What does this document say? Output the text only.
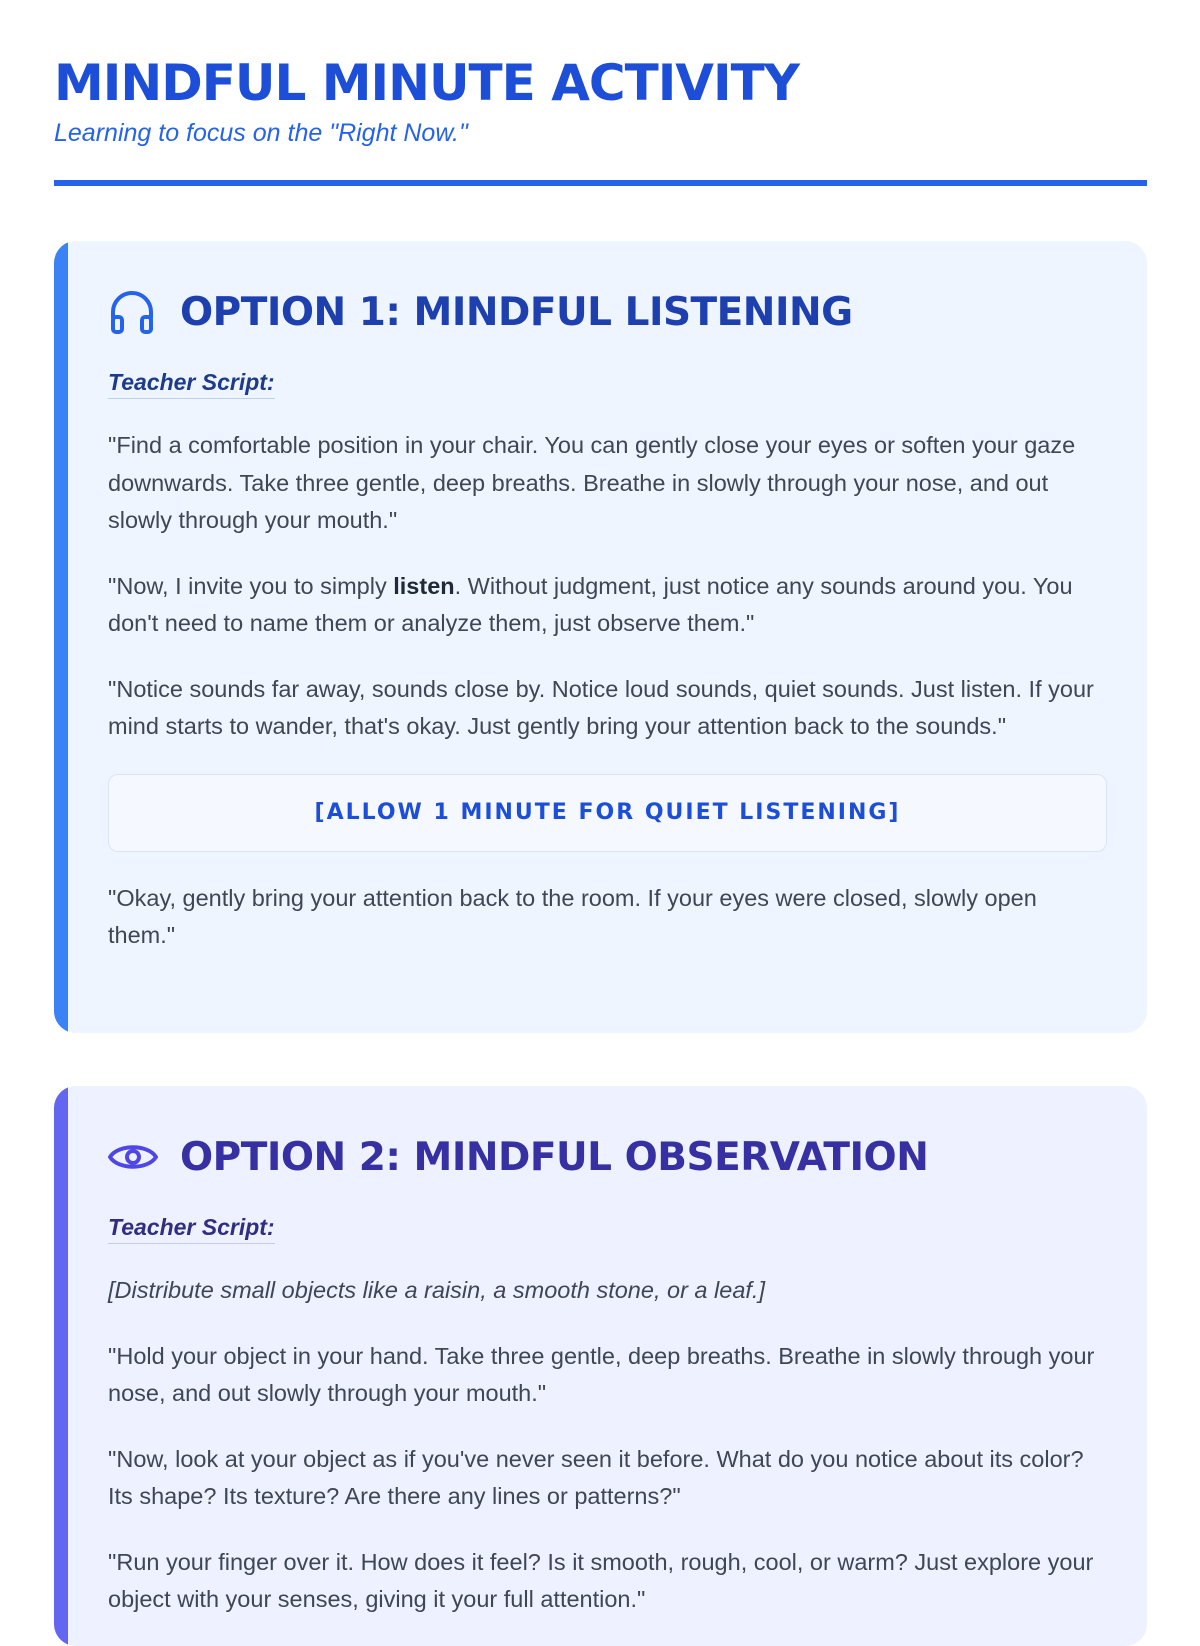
MINDFUL MINUTE ACTIVITY

Learning to focus on the "Right Now."

OPTION 1: MINDFUL LISTENING
Teacher Script:

"Find a comfortable position in your chair. You can gently close your eyes or soften your gaze downwards. Take three gentle, deep breaths. Breathe in slowly through your nose, and out slowly through your mouth."

"Now, I invite you to simply listen. Without judgment, just notice any sounds around you. You don't need to name them or analyze them, just observe them."

"Notice sounds far away, sounds close by. Notice loud sounds, quiet sounds. Just listen. If your mind starts to wander, that's okay. Just gently bring your attention back to the sounds."

[ALLOW 1 MINUTE FOR QUIET LISTENING]

"Okay, gently bring your attention back to the room. If your eyes were closed, slowly open them."

OPTION 2: MINDFUL OBSERVATION
Teacher Script:

[Distribute small objects like a raisin, a smooth stone, or a leaf.]

"Hold your object in your hand. Take three gentle, deep breaths. Breathe in slowly through your nose, and out slowly through your mouth."

"Now, look at your object as if you've never seen it before. What do you notice about its color? Its shape? Its texture? Are there any lines or patterns?"

"Run your finger over it. How does it feel? Is it smooth, rough, cool, or warm? Just explore your object with your senses, giving it your full attention."
